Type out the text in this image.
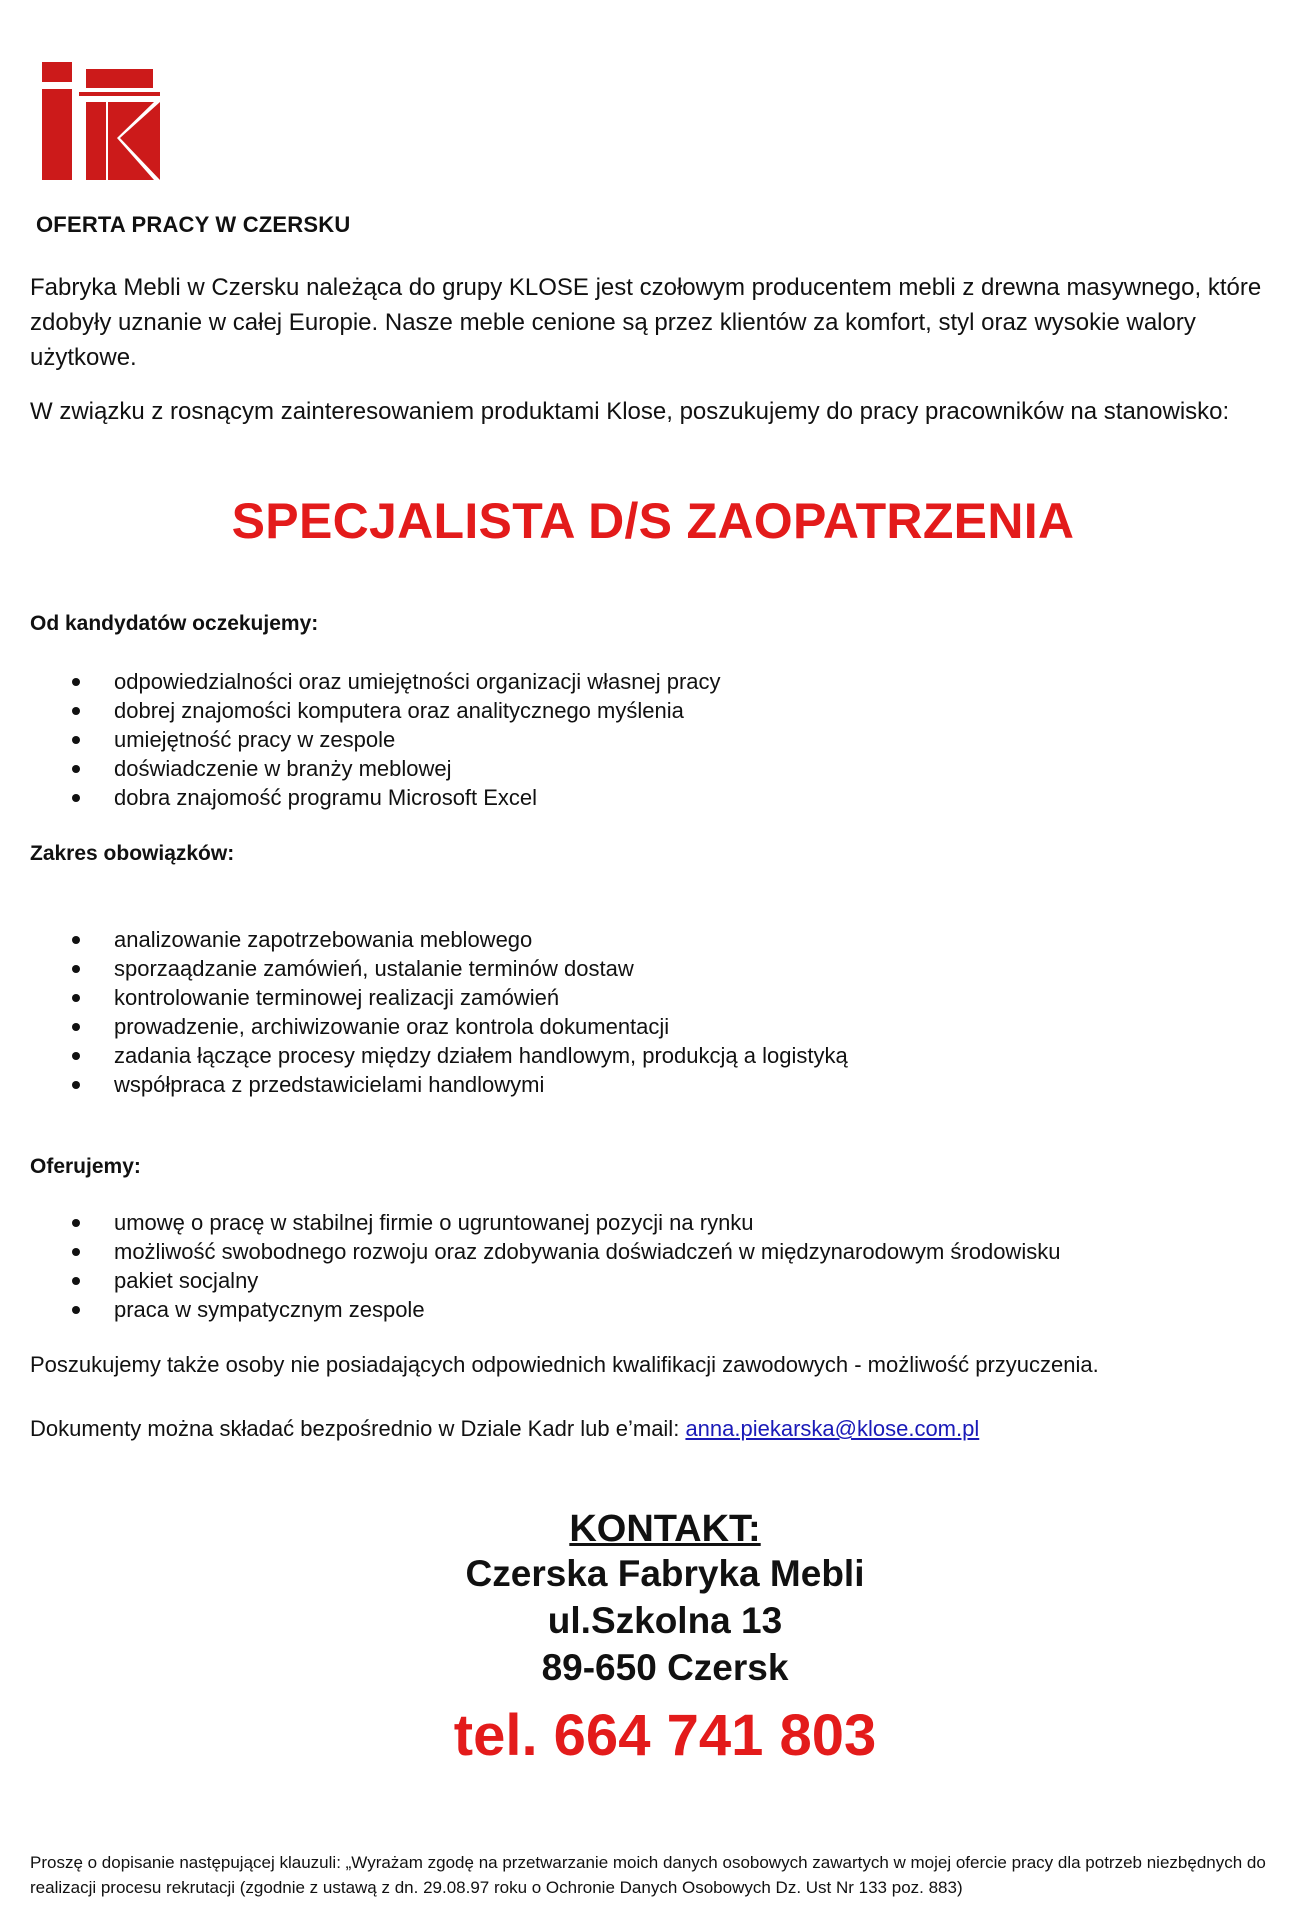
OFERTA PRACY W CZERSKU

Fabryka Mebli w Czersku należąca do grupy KLOSE jest czołowym producentem mebli z drewna masywnego, które zdobyły uznanie w całej Europie. Nasze meble cenione są przez klientów za komfort, styl oraz wysokie walory użytkowe.

W związku z rosnącym zainteresowaniem produktami Klose, poszukujemy do pracy pracowników na stanowisko:

SPECJALISTA D/S ZAOPATRZENIA

Od kandydatów oczekujemy:

odpowiedzialności oraz umiejętności organizacji własnej pracy
dobrej znajomości komputera oraz analitycznego myślenia
umiejętność pracy w zespole
doświadczenie w branży meblowej
dobra znajomość programu Microsoft Excel

Zakres obowiązków:

analizowanie zapotrzebowania meblowego
sporzaądzanie zamówień, ustalanie terminów dostaw
kontrolowanie terminowej realizacji zamówień
prowadzenie, archiwizowanie oraz kontrola dokumentacji
zadania łączące procesy między działem handlowym, produkcją a logistyką
współpraca z przedstawicielami handlowymi

Oferujemy:

umowę o pracę w stabilnej firmie o ugruntowanej pozycji na rynku
możliwość swobodnego rozwoju oraz zdobywania doświadczeń w międzynarodowym środowisku
pakiet socjalny
praca w sympatycznym zespole

Poszukujemy także osoby nie posiadających odpowiednich kwalifikacji zawodowych - możliwość przyuczenia.

Dokumenty można składać bezpośrednio w Dziale Kadr lub e’mail: anna.piekarska@klose.com.pl

KONTAKT:
Czerska Fabryka Mebli
ul.Szkolna 13
89-650 Czersk
tel. 664 741 803

Proszę o dopisanie następującej klauzuli: „Wyrażam zgodę na przetwarzanie moich danych osobowych zawartych w mojej ofercie pracy dla potrzeb niezbędnych do realizacji procesu rekrutacji (zgodnie z ustawą z dn. 29.08.97 roku o Ochronie Danych Osobowych Dz. Ust Nr 133 poz. 883)
